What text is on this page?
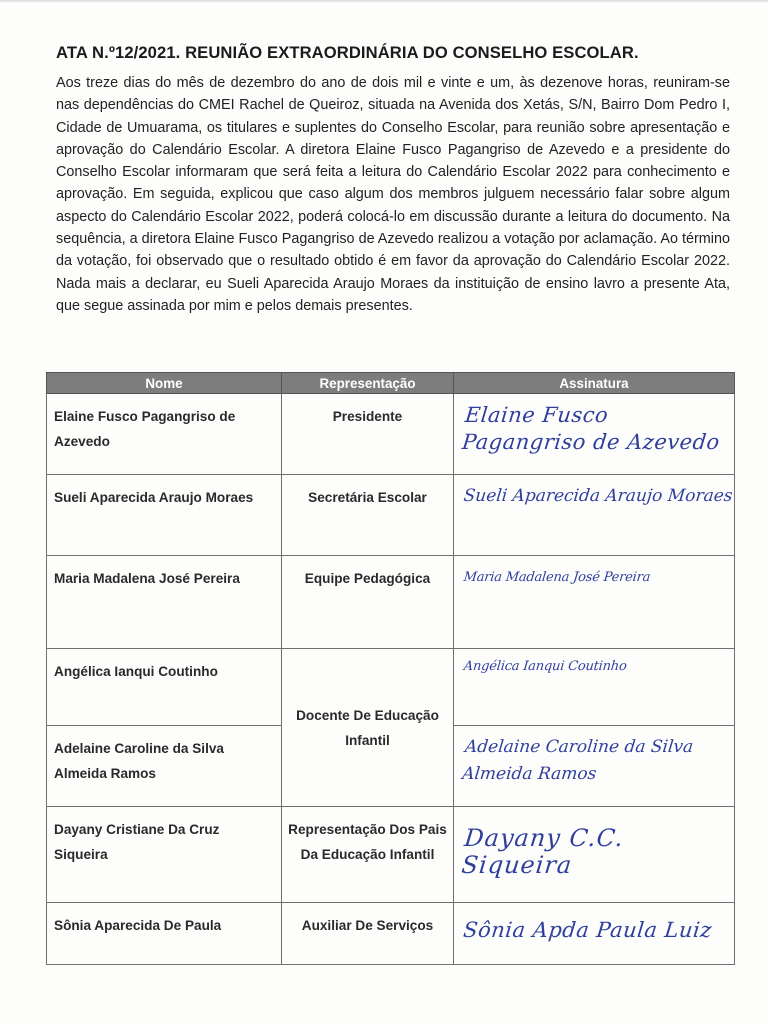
ATA N.º12/2021. REUNIÃO EXTRAORDINÁRIA DO CONSELHO ESCOLAR.
Aos treze dias do mês de dezembro do ano de dois mil e vinte e um, às dezenove horas, reuniram-se nas dependências do CMEI Rachel de Queiroz, situada na Avenida dos Xetás, S/N, Bairro Dom Pedro I, Cidade de Umuarama, os titulares e suplentes do Conselho Escolar, para reunião sobre apresentação e aprovação do Calendário Escolar. A diretora Elaine Fusco Pagangriso de Azevedo e a presidente do Conselho Escolar informaram que será feita a leitura do Calendário Escolar 2022 para conhecimento e aprovação. Em seguida, explicou que caso algum dos membros julguem necessário falar sobre algum aspecto do Calendário Escolar 2022, poderá colocá-lo em discussão durante a leitura do documento. Na sequência, a diretora Elaine Fusco Pagangriso de Azevedo realizou a votação por aclamação. Ao término da votação, foi observado que o resultado obtido é em favor da aprovação do Calendário Escolar 2022. Nada mais a declarar, eu Sueli Aparecida Araujo Moraes da instituição de ensino lavro a presente Ata, que segue assinada por mim e pelos demais presentes.
Nome	Representação	Assinatura
Elaine Fusco Pagangriso de Azevedo	Presidente	Elaine Fusco Pagangriso de Azevedo

Sueli Aparecida Araujo Moraes	Secretária Escolar	Sueli Aparecida Araujo Moraes

Maria Madalena José Pereira	Equipe Pedagógica	Maria Madalena José Pereira

Angélica Ianqui Coutinho	Docente De Educação Infantil	Angélica Ianqui Coutinho

Adelaine Caroline da Silva Almeida Ramos		Adelaine Caroline da Silva Almeida Ramos

Dayany Cristiane Da Cruz Siqueira	Representação Dos Pais Da Educação Infantil	Dayany C.C. Siqueira

Sônia Aparecida De Paula	Auxiliar De Serviços	Sônia Apda Paula Luiz
